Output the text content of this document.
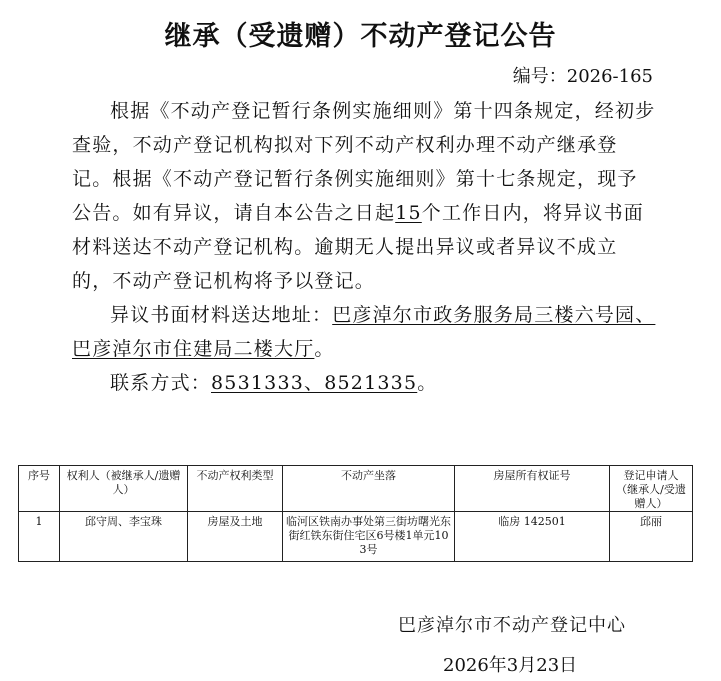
继承（受遗赠）不动产登记公告
编号：2026-165

根据《不动产登记暂行条例实施细则》第十四条规定，经初步查验，不动产登记机构拟对下列不动产权利办理不动产继承登记。根据《不动产登记暂行条例实施细则》第十七条规定，现予公告。如有异议，请自本公告之日起15个工作日内，将异议书面材料送达不动产登记机构。逾期无人提出异议或者异议不成立的，不动产登记机构将予以登记。

异议书面材料送达地址：巴彦淖尔市政务服务局三楼六号园、 巴彦淖尔市住建局二楼大厅。

联系方式：8531333、8521335。

序号	权利人（被继承人/遗赠人）	不动产权利类型	不动产坐落	房屋所有权证号	登记申请人（继承人/受遗赠人）
1	邱守周、李宝珠	房屋及土地	临河区铁南办事处第三街坊曙光东街红铁东街住宅区6号楼1单元103号	临房 142501	邱丽
巴彦淖尔市不动产登记中心
2026年3月23日
